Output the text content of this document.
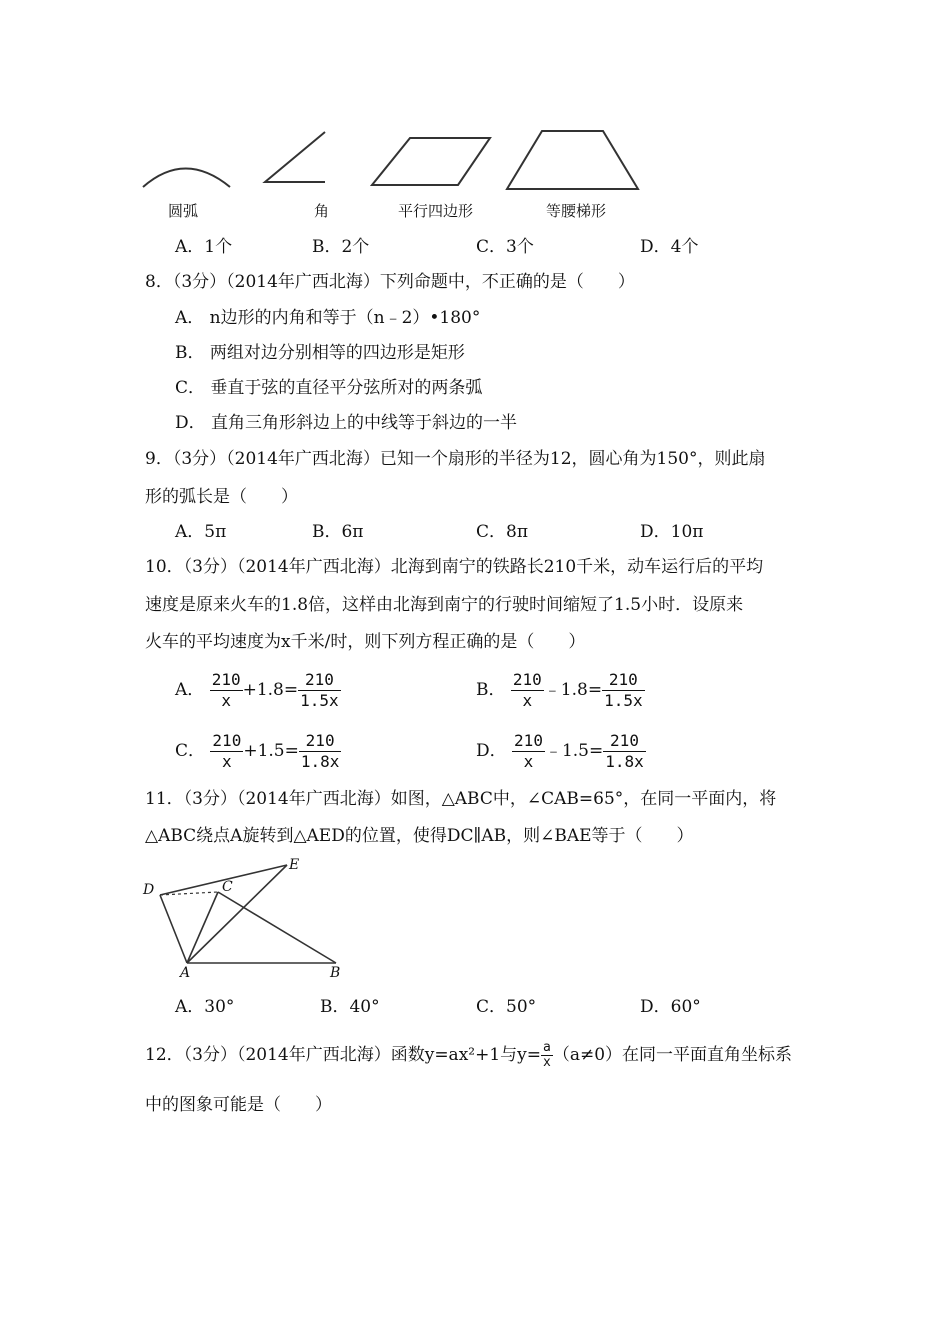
圆弧	角	平行四边形	等腰梯形
A．1个	B．2个	C．3个	D．4个
8．（3分）（2014年广西北海）下列命题中，不正确的是（　　）
A． n边形的内角和等于（n﹣2）•180°
B． 两组对边分别相等的四边形是矩形
C． 垂直于弦的直径平分弦所对的两条弧
D． 直角三角形斜边上的中线等于斜边的一半
9．（3分）（2014年广西北海）已知一个扇形的半径为12，圆心角为150°，则此扇
形的弧长是（　　）
A．5π	B．6π	C．8π	D．10π
10．（3分）（2014年广西北海）北海到南宁的铁路长210千米，动车运行后的平均
速度是原来火车的1.8倍，这样由北海到南宁的行驶时间缩短了1.5小时．设原来
火车的平均速度为x千米/时，则下列方程正确的是（　　）
A． $\frac{210}{x} +1.8= \frac{210}{1.5x}$	B． $\frac{210}{x}$ ﹣1.8= $\frac{210}{1.5x}$
C． $\frac{210}{x} +1.5= \frac{210}{1.8x}$	D． $\frac{210}{x}$ ﹣1.5= $\frac{210}{1.8x}$
11．（3分）（2014年广西北海）如图，△ABC中，∠CAB=65°，在同一平面内，将
△ABC绕点A旋转到△AED的位置，使得DC∥AB，则∠BAE等于（　　）
D	C
E
A	B
A．30°	B．40°	C．50°	D．60°
12．（3分）（2014年广西北海）函数y=ax²+1与$y= \frac{a}{x} (a\ne 0)$在同一平面直角坐标系
中的图象可能是（　　）
